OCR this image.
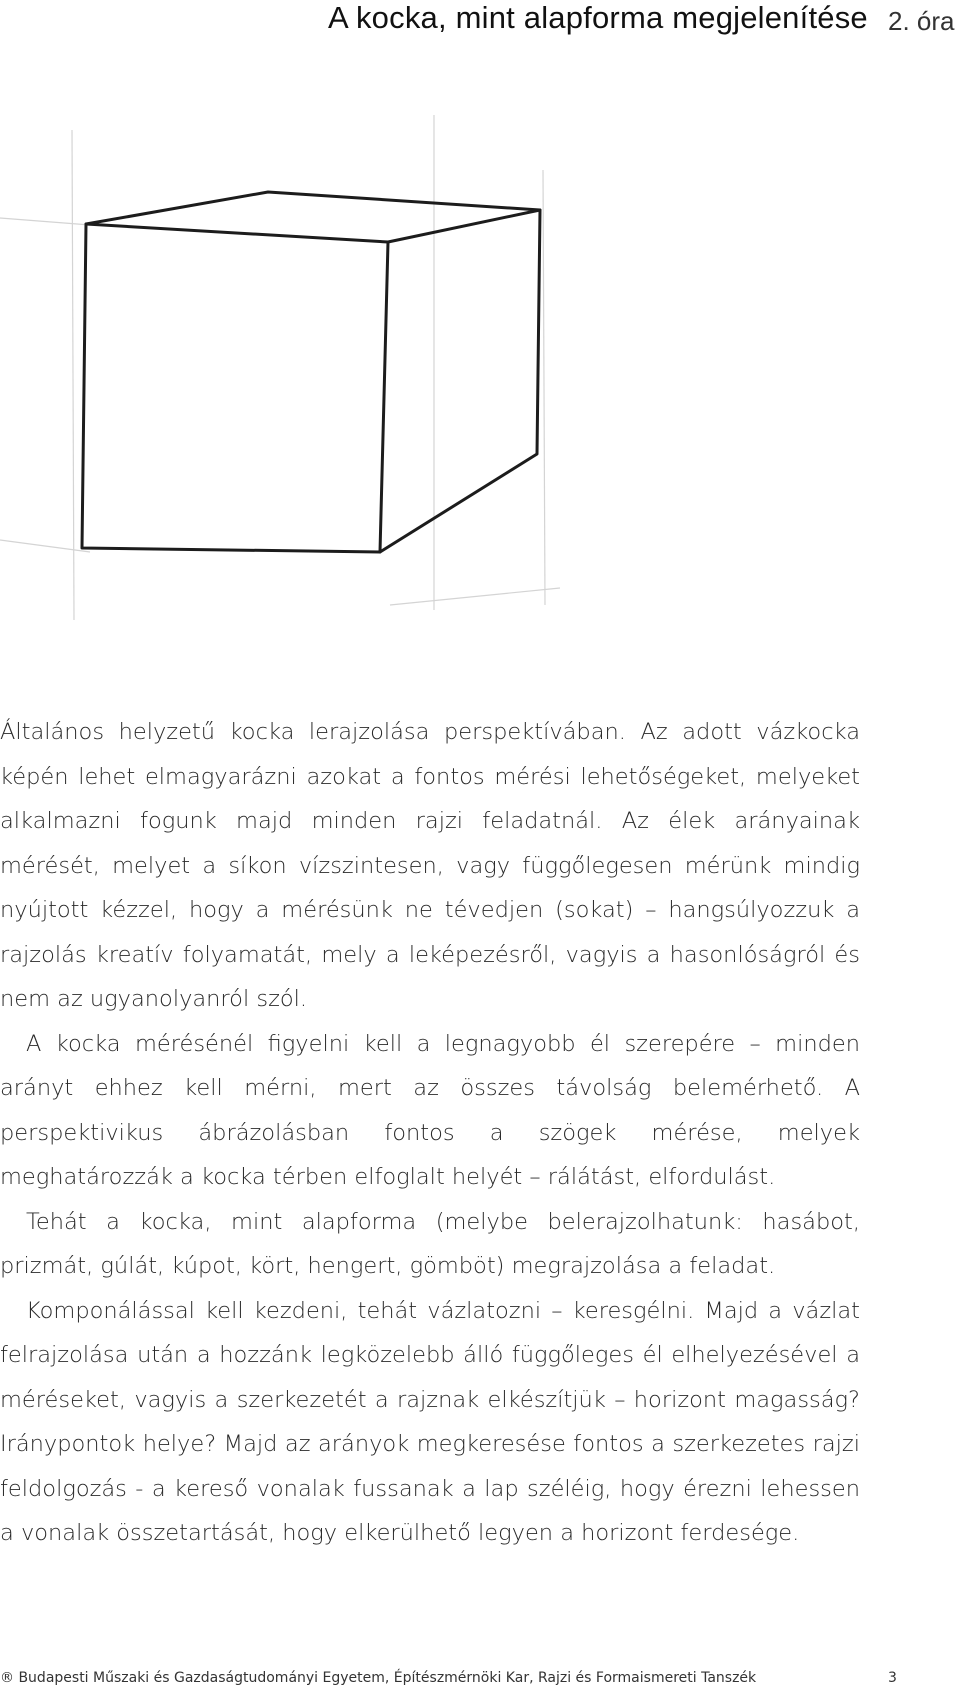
A kocka, mint alapforma megjelenítése 2. óra

Általános helyzetű kocka lerajzolása perspektívában. Az adott vázkocka képén lehet elmagyarázni azokat a fontos mérési lehetőségeket, melyeket alkalmazni fogunk majd minden rajzi feladatnál. Az élek arányainak mérését, melyet a síkon vízszintesen, vagy függőlegesen mérünk mindig nyújtott kézzel, hogy a mérésünk ne tévedjen (sokat) – hangsúlyozzuk a rajzolás kreatív folyamatát, mely a leképezésről, vagyis a hasonlóságról és nem az ugyanolyanról szól.

A kocka mérésénél figyelni kell a legnagyobb él szerepére – minden arányt ehhez kell mérni, mert az összes távolság belemérhető. A perspektivikus ábrázolásban fontos a szögek mérése, melyek meghatározzák a kocka térben elfoglalt helyét – rálátást, elfordulást.

Tehát a kocka, mint alapforma (melybe belerajzolhatunk: hasábot, prizmát, gúlát, kúpot, kört, hengert, gömböt) megrajzolása a feladat.

Komponálással kell kezdeni, tehát vázlatozni – keresgélni. Majd a vázlat felrajzolása után a hozzánk legközelebb álló függőleges él elhelyezésével a méréseket, vagyis a szerkezetét a rajznak elkészítjük – horizont magasság? Iránypontok helye? Majd az arányok megkeresése fontos a szerkezetes rajzi feldolgozás - a kereső vonalak fussanak a lap széléig, hogy érezni lehessen a vonalak összetartását, hogy elkerülhető legyen a horizont ferdesége.

® Budapesti Műszaki és Gazdaságtudományi Egyetem, Építészmérnöki Kar, Rajzi és Formaismereti Tanszék	3
